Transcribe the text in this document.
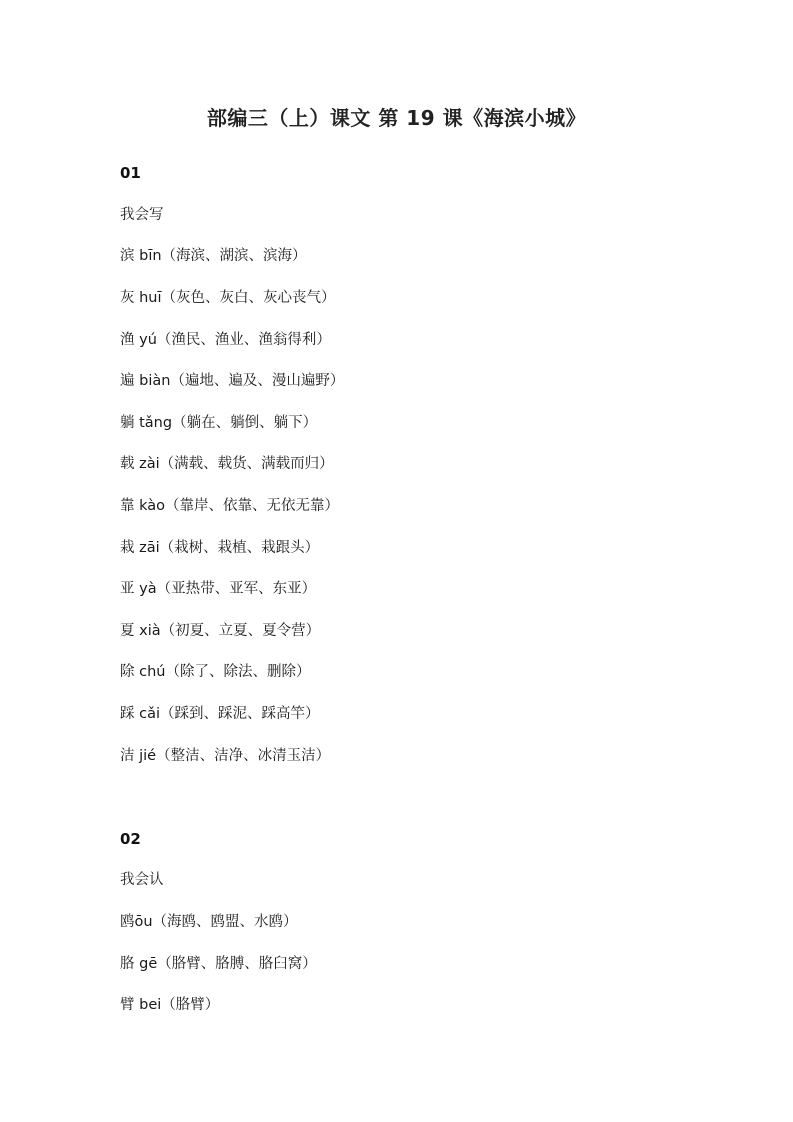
部编三（上）课文 第 19 课《海滨小城》
01
我会写
滨 bīn（海滨、湖滨、滨海）
灰 huī（灰色、灰白、灰心丧气）
渔 yú（渔民、渔业、渔翁得利）
遍 biàn（遍地、遍及、漫山遍野）
躺 tǎng（躺在、躺倒、躺下）
载 zài（满载、载货、满载而归）
靠 kào（靠岸、依靠、无依无靠）
栽 zāi（栽树、栽植、栽跟头）
亚 yà（亚热带、亚军、东亚）
夏 xià（初夏、立夏、夏令营）
除 chú（除了、除法、删除）
踩 cǎi（踩到、踩泥、踩高竿）
洁 jié（整洁、洁净、冰清玉洁）
02
我会认
鸥ōu（海鸥、鸥盟、水鸥）
胳 gē（胳臂、胳膊、胳臼窝）
臂 bei（胳臂）
